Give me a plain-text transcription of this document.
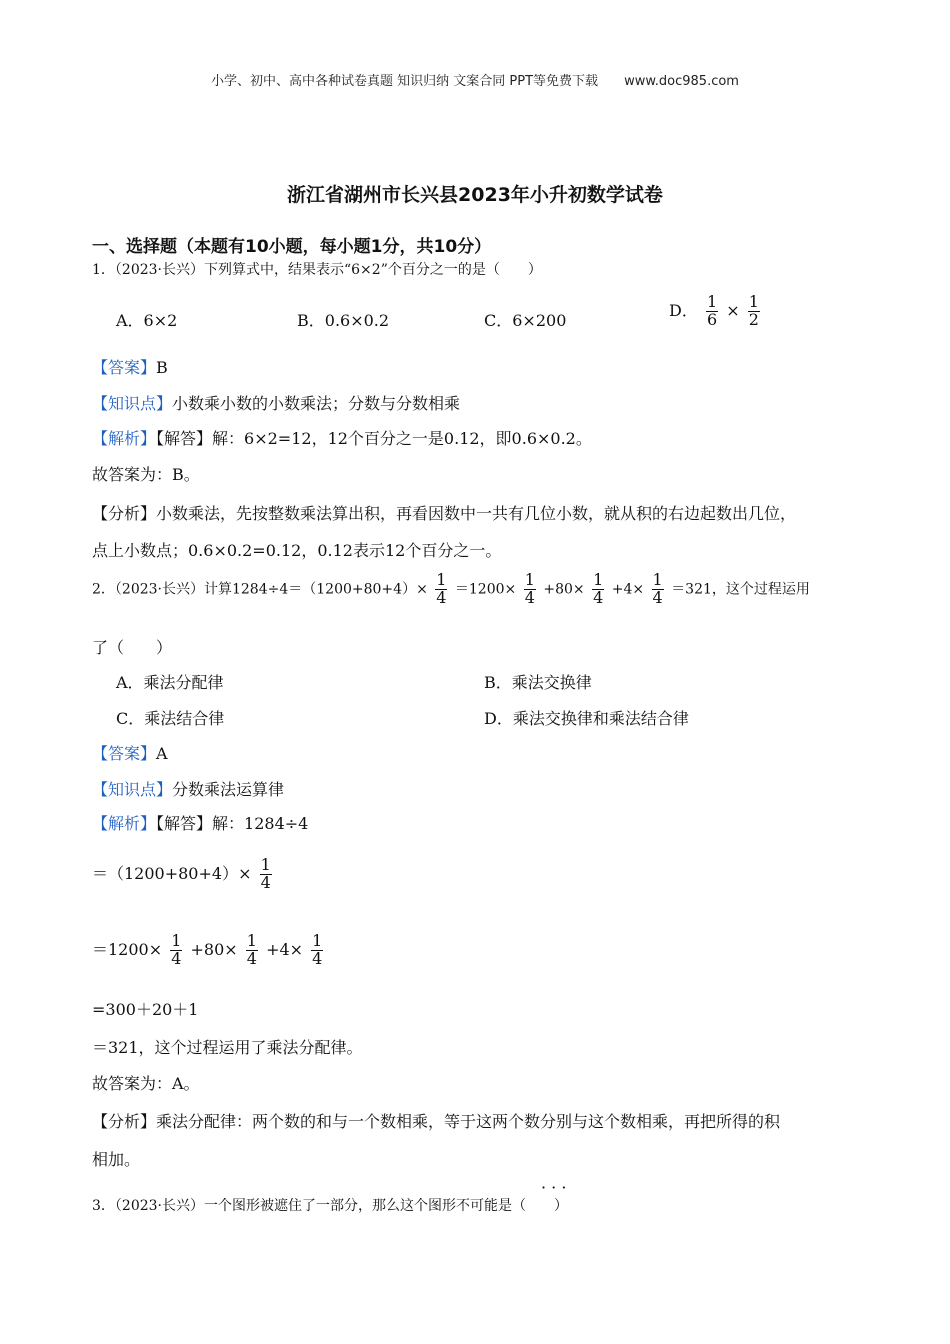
小学、初中、高中各种试卷真题 知识归纳 文案合同 PPT等免费下载 www.doc985.com
浙江省湖州市长兴县2023年小升初数学试卷
一、选择题（本题有10小题，每小题1分，共10分）
1．（2023·长兴）下列算式中，结果表示“6×2”个百分之一的是（　　）
A．6×2	B．0.6×0.2	C．6×200
D． $\frac{1}{6} \times \frac{1}{2}$
【答案】B
【知识点】小数乘小数的小数乘法；分数与分数相乘
【解析】【解答】解：6×2=12，12个百分之一是0.12，即0.6×0.2。
故答案为：B。
【分析】小数乘法，先按整数乘法算出积，再看因数中一共有几位小数，就从积的右边起数出几位，
点上小数点；0.6×0.2=0.12，0.12表示12个百分之一。
2．（2023·长兴）计算$1284\div 4=(1200+80+4)\times \frac{1}{4} =1200\times \frac{1}{4} +80\times \frac{1}{4} +4\times \frac{1}{4} =321$，这个过程运用
了（　　）
A．乘法分配律	B．乘法交换律
C．乘法结合律	D．乘法交换律和乘法结合律
【答案】A
【知识点】分数乘法运算律
【解析】【解答】解：1284÷4
$=(1200+80+4)\times \frac{1}{4}$
$=1200\times \frac{1}{4} +80\times \frac{1}{4} +4\times \frac{1}{4}$
=300＋20＋1
＝321，这个过程运用了乘法分配律。
故答案为：A。
【分析】乘法分配律：两个数的和与一个数相乘，等于这两个数分别与这个数相乘，再把所得的积
相加。
· · ·
3．（2023·长兴）一个图形被遮住了一部分，那么这个图形不可能是（　　）
